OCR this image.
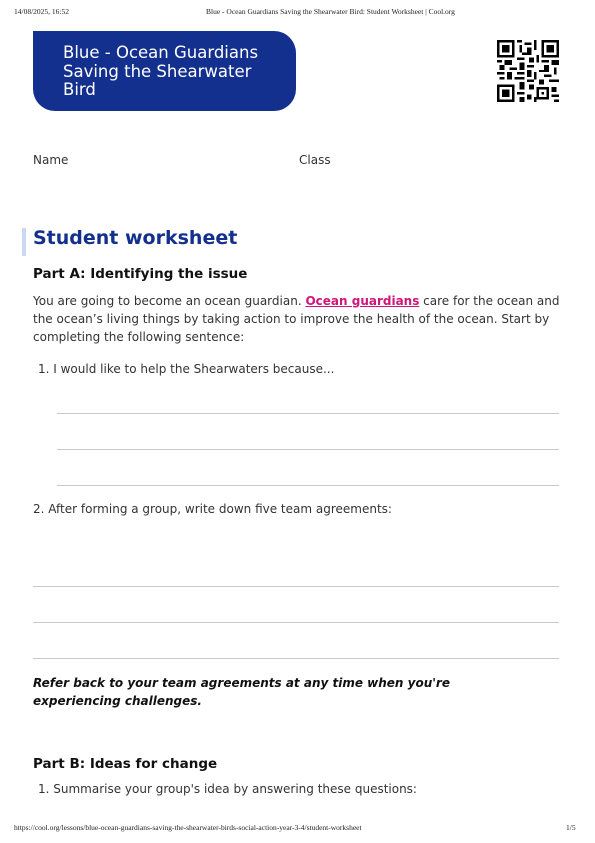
14/08/2025, 16:52	Blue - Ocean Guardians Saving the Shearwater Bird: Student Worksheet | Cool.org
Blue - Ocean Guardians Saving the Shearwater Bird
Name	Class
Student worksheet
Part A: Identifying the issue
You are going to become an ocean guardian. Ocean guardians care for the ocean and the ocean’s living things by taking action to improve the health of the ocean. Start by completing the following sentence:
1. I would like to help the Shearwaters because...
2. After forming a group, write down five team agreements:
Refer back to your team agreements at any time when you're experiencing challenges.
Part B: Ideas for change
1. Summarise your group's idea by answering these questions:
https://cool.org/lessons/blue-ocean-guardians-saving-the-shearwater-birds-social-action-year-3-4/student-worksheet	1/5
